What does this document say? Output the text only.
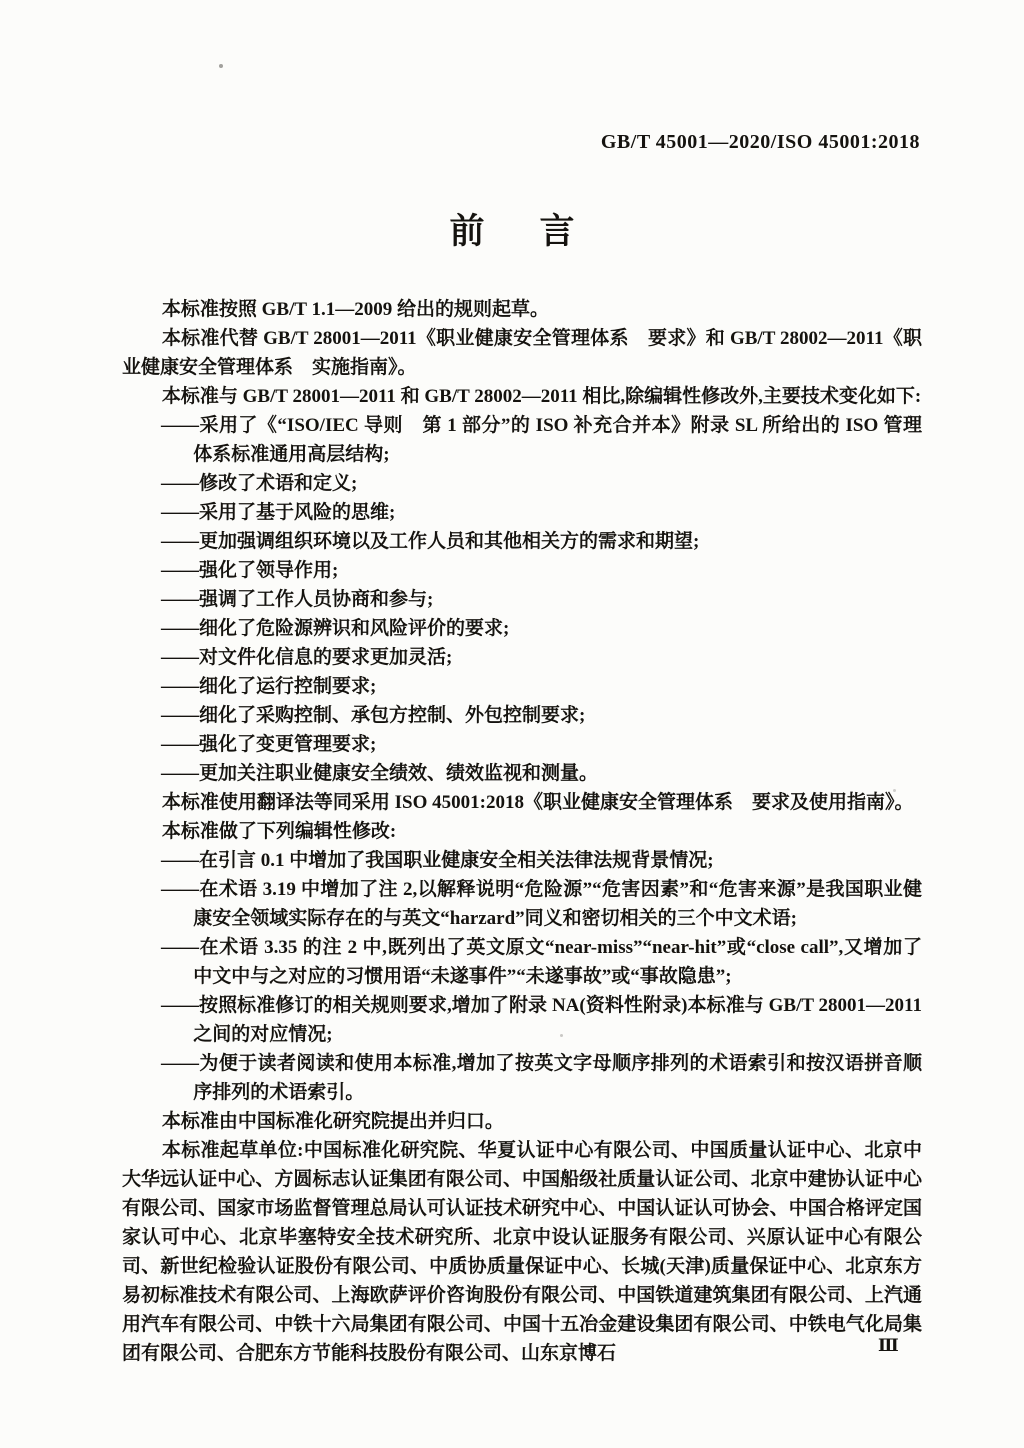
GB/T 45001—2020/ISO 45001:2018
前　言
本标准按照 GB/T 1.1—2009 给出的规则起草。
本标准代替 GB/T 28001—2011《职业健康安全管理体系　要求》和 GB/T 28002—2011《职业健康安全管理体系　实施指南》。
本标准与 GB/T 28001—2011 和 GB/T 28002—2011 相比,除编辑性修改外,主要技术变化如下:
——采用了《“ISO/IEC 导则　第 1 部分”的 ISO 补充合并本》附录 SL 所给出的 ISO 管理体系标准通用高层结构;
——修改了术语和定义;
——采用了基于风险的思维;
——更加强调组织环境以及工作人员和其他相关方的需求和期望;
——强化了领导作用;
——强调了工作人员协商和参与;
——细化了危险源辨识和风险评价的要求;
——对文件化信息的要求更加灵活;
——细化了运行控制要求;
——细化了采购控制、承包方控制、外包控制要求;
——强化了变更管理要求;
——更加关注职业健康安全绩效、绩效监视和测量。
本标准使用翻译法等同采用 ISO 45001:2018《职业健康安全管理体系　要求及使用指南》。
本标准做了下列编辑性修改:
——在引言 0.1 中增加了我国职业健康安全相关法律法规背景情况;
——在术语 3.19 中增加了注 2,以解释说明“危险源”“危害因素”和“危害来源”是我国职业健康安全领域实际存在的与英文“harzard”同义和密切相关的三个中文术语;
——在术语 3.35 的注 2 中,既列出了英文原文“near-miss”“near-hit”或“close call”,又增加了中文中与之对应的习惯用语“未遂事件”“未遂事故”或“事故隐患”;
——按照标准修订的相关规则要求,增加了附录 NA(资料性附录)本标准与 GB/T 28001—2011 之间的对应情况;
——为便于读者阅读和使用本标准,增加了按英文字母顺序排列的术语索引和按汉语拼音顺序排列的术语索引。
本标准由中国标准化研究院提出并归口。
本标准起草单位:中国标准化研究院、华夏认证中心有限公司、中国质量认证中心、北京中大华远认证中心、方圆标志认证集团有限公司、中国船级社质量认证公司、北京中建协认证中心有限公司、国家市场监督管理总局认可认证技术研究中心、中国认证认可协会、中国合格评定国家认可中心、北京毕塞特安全技术研究所、北京中设认证服务有限公司、兴原认证中心有限公司、新世纪检验认证股份有限公司、中质协质量保证中心、长城(天津)质量保证中心、北京东方易初标准技术有限公司、上海欧萨评价咨询股份有限公司、中国铁道建筑集团有限公司、上汽通用汽车有限公司、中铁十六局集团有限公司、中国十五冶金建设集团有限公司、中铁电气化局集团有限公司、合肥东方节能科技股份有限公司、山东京博石	Ⅲ
